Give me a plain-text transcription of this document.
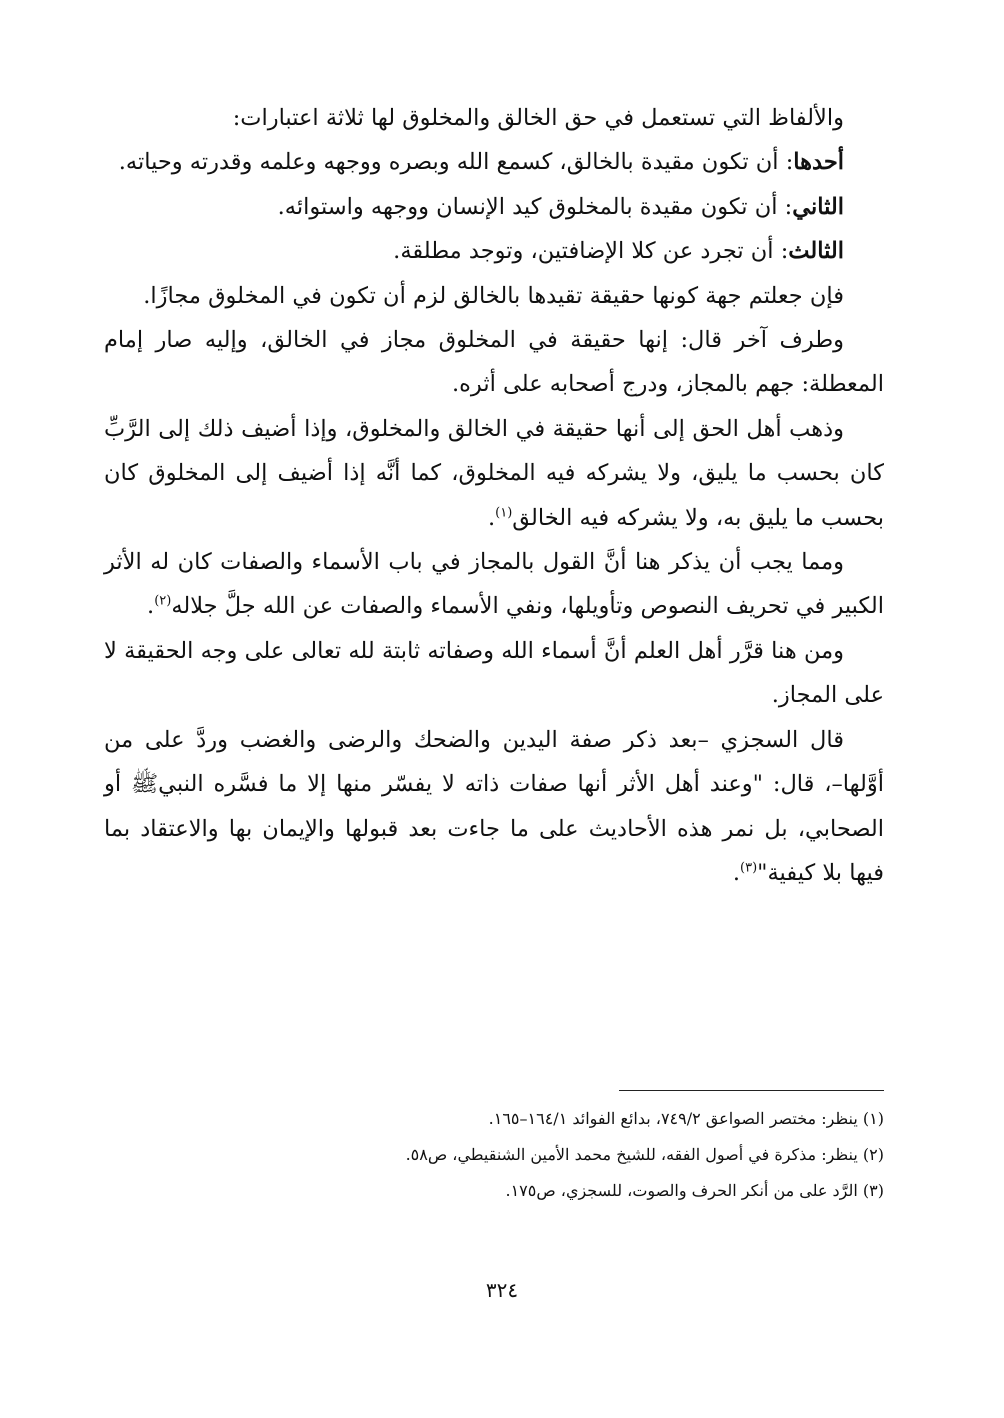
والألفاظ التي تستعمل في حق الخالق والمخلوق لها ثلاثة اعتبارات:

أحدها: أن تكون مقيدة بالخالق، كسمع الله وبصره ووجهه وعلمه وقدرته وحياته.

الثاني: أن تكون مقيدة بالمخلوق كيد الإنسان ووجهه واستوائه.

الثالث: أن تجرد عن كلا الإضافتين، وتوجد مطلقة.

فإن جعلتم جهة كونها حقيقة تقيدها بالخالق لزم أن تكون في المخلوق مجازًا.

وطرف آخر قال: إنها حقيقة في المخلوق مجاز في الخالق، وإليه صار إمام المعطلة: جهم بالمجاز، ودرج أصحابه على أثره.

وذهب أهل الحق إلى أنها حقيقة في الخالق والمخلوق، وإذا أضيف ذلك إلى الرَّبِّ كان بحسب ما يليق، ولا يشركه فيه المخلوق، كما أنَّه إذا أضيف إلى المخلوق كان بحسب ما يليق به، ولا يشركه فيه الخالق$^{(١)}$.

ومما يجب أن يذكر هنا أنَّ القول بالمجاز في باب الأسماء والصفات كان له الأثر الكبير في تحريف النصوص وتأويلها، ونفي الأسماء والصفات عن الله جلَّ جلاله$^{(٢)}$.

ومن هنا قرَّر أهل العلم أنَّ أسماء الله وصفاته ثابتة لله تعالى على وجه الحقيقة لا على المجاز.

قال السجزي –بعد ذكر صفة اليدين والضحك والرضى والغضب وردَّ على من أوَّلها–، قال: "وعند أهل الأثر أنها صفات ذاته لا يفسّر منها إلا ما فسَّره النبيﷺ أو الصحابي، بل نمر هذه الأحاديث على ما جاءت بعد قبولها والإيمان بها والاعتقاد بما فيها بلا كيفية"$^{(٣)}$.

(١) ينظر: مختصر الصواعق ٧٤٩/٢، بدائع الفوائد ١٦٤/١–١٦٥.

(٢) ينظر: مذكرة في أصول الفقه، للشيخ محمد الأمين الشنقيطي، ص٥٨.

(٣) الرَّد على من أنكر الحرف والصوت، للسجزي، ص١٧٥.

٣٢٤
